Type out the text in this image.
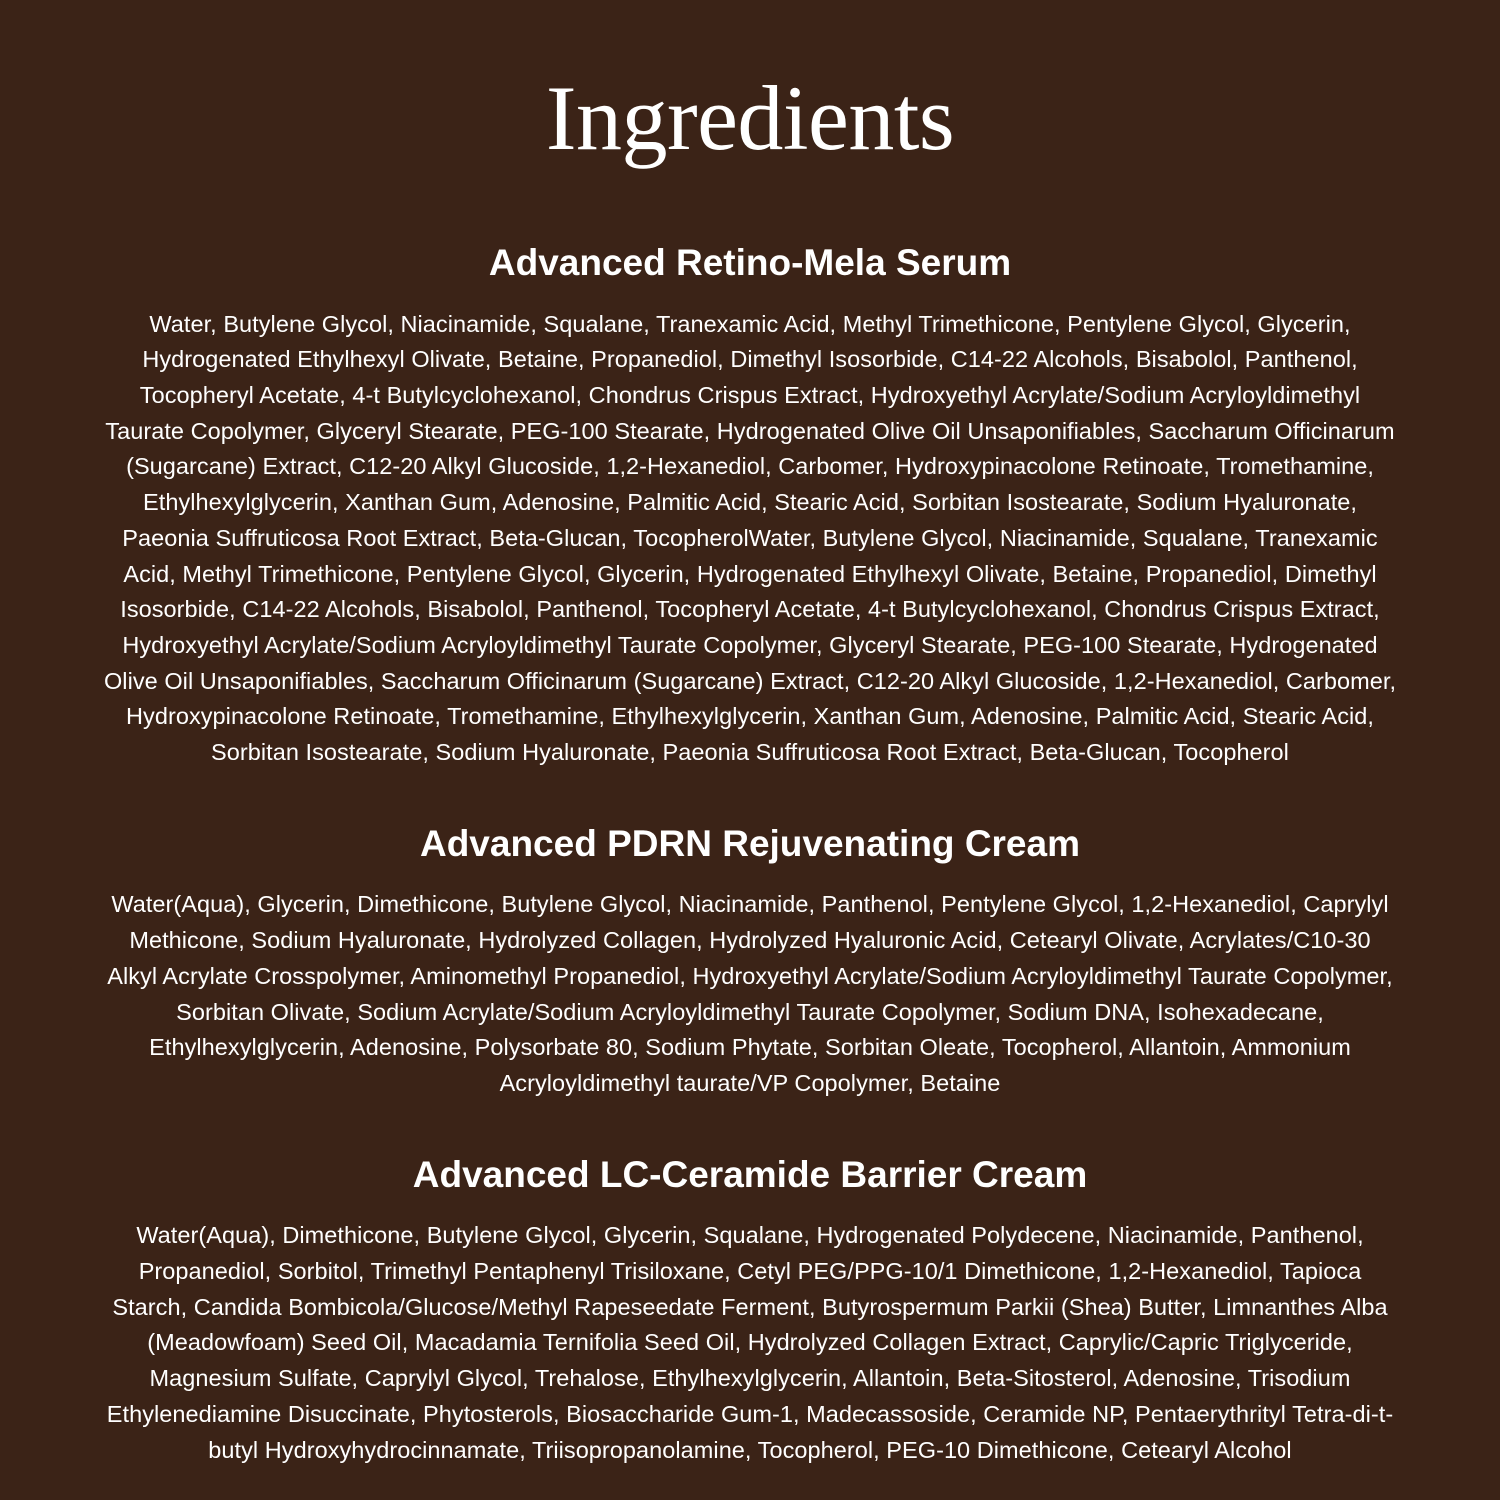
Ingredients
Advanced Retino-Mela Serum

Water, Butylene Glycol, Niacinamide, Squalane, Tranexamic Acid, Methyl Trimethicone, Pentylene Glycol, Glycerin, Hydrogenated Ethylhexyl Olivate, Betaine, Propanediol, Dimethyl Isosorbide, C14-22 Alcohols, Bisabolol, Panthenol, Tocopheryl Acetate, 4-t Butylcyclohexanol, Chondrus Crispus Extract, Hydroxyethyl Acrylate/Sodium Acryloyldimethyl Taurate Copolymer, Glyceryl Stearate, PEG-100 Stearate, Hydrogenated Olive Oil Unsaponifiables, Saccharum Officinarum (Sugarcane) Extract, C12-20 Alkyl Glucoside, 1,2-Hexanediol, Carbomer, Hydroxypinacolone Retinoate, Tromethamine, Ethylhexylglycerin, Xanthan Gum, Adenosine, Palmitic Acid, Stearic Acid, Sorbitan Isostearate, Sodium Hyaluronate, Paeonia Suffruticosa Root Extract, Beta-Glucan, TocopherolWater, Butylene Glycol, Niacinamide, Squalane, Tranexamic Acid, Methyl Trimethicone, Pentylene Glycol, Glycerin, Hydrogenated Ethylhexyl Olivate, Betaine, Propanediol, Dimethyl Isosorbide, C14-22 Alcohols, Bisabolol, Panthenol, Tocopheryl Acetate, 4-t Butylcyclohexanol, Chondrus Crispus Extract, Hydroxyethyl Acrylate/Sodium Acryloyldimethyl Taurate Copolymer, Glyceryl Stearate, PEG-100 Stearate, Hydrogenated Olive Oil Unsaponifiables, Saccharum Officinarum (Sugarcane) Extract, C12-20 Alkyl Glucoside, 1,2-Hexanediol, Carbomer, Hydroxypinacolone Retinoate, Tromethamine, Ethylhexylglycerin, Xanthan Gum, Adenosine, Palmitic Acid, Stearic Acid, Sorbitan Isostearate, Sodium Hyaluronate, Paeonia Suffruticosa Root Extract, Beta-Glucan, Tocopherol

Advanced PDRN Rejuvenating Cream

Water(Aqua), Glycerin, Dimethicone, Butylene Glycol, Niacinamide, Panthenol, Pentylene Glycol, 1,2-Hexanediol, Caprylyl Methicone, Sodium Hyaluronate, Hydrolyzed Collagen, Hydrolyzed Hyaluronic Acid, Cetearyl Olivate, Acrylates/C10-30 Alkyl Acrylate Crosspolymer, Aminomethyl Propanediol, Hydroxyethyl Acrylate/Sodium Acryloyldimethyl Taurate Copolymer, Sorbitan Olivate, Sodium Acrylate/Sodium Acryloyldimethyl Taurate Copolymer, Sodium DNA, Isohexadecane, Ethylhexylglycerin, Adenosine, Polysorbate 80, Sodium Phytate, Sorbitan Oleate, Tocopherol, Allantoin, Ammonium Acryloyldimethyl taurate/VP Copolymer, Betaine

Advanced LC-Ceramide Barrier Cream

Water(Aqua), Dimethicone, Butylene Glycol, Glycerin, Squalane, Hydrogenated Polydecene, Niacinamide, Panthenol, Propanediol, Sorbitol, Trimethyl Pentaphenyl Trisiloxane, Cetyl PEG/PPG-10/1 Dimethicone, 1,2-Hexanediol, Tapioca Starch, Candida Bombicola/Glucose/Methyl Rapeseedate Ferment, Butyrospermum Parkii (Shea) Butter, Limnanthes Alba (Meadowfoam) Seed Oil, Macadamia Ternifolia Seed Oil, Hydrolyzed Collagen Extract, Caprylic/Capric Triglyceride, Magnesium Sulfate, Caprylyl Glycol, Trehalose, Ethylhexylglycerin, Allantoin, Beta-Sitosterol, Adenosine, Trisodium Ethylenediamine Disuccinate, Phytosterols, Biosaccharide Gum-1, Madecassoside, Ceramide NP, Pentaerythrityl Tetra-di-t-butyl Hydroxyhydrocinnamate, Triisopropanolamine, Tocopherol, PEG-10 Dimethicone, Cetearyl Alcohol
